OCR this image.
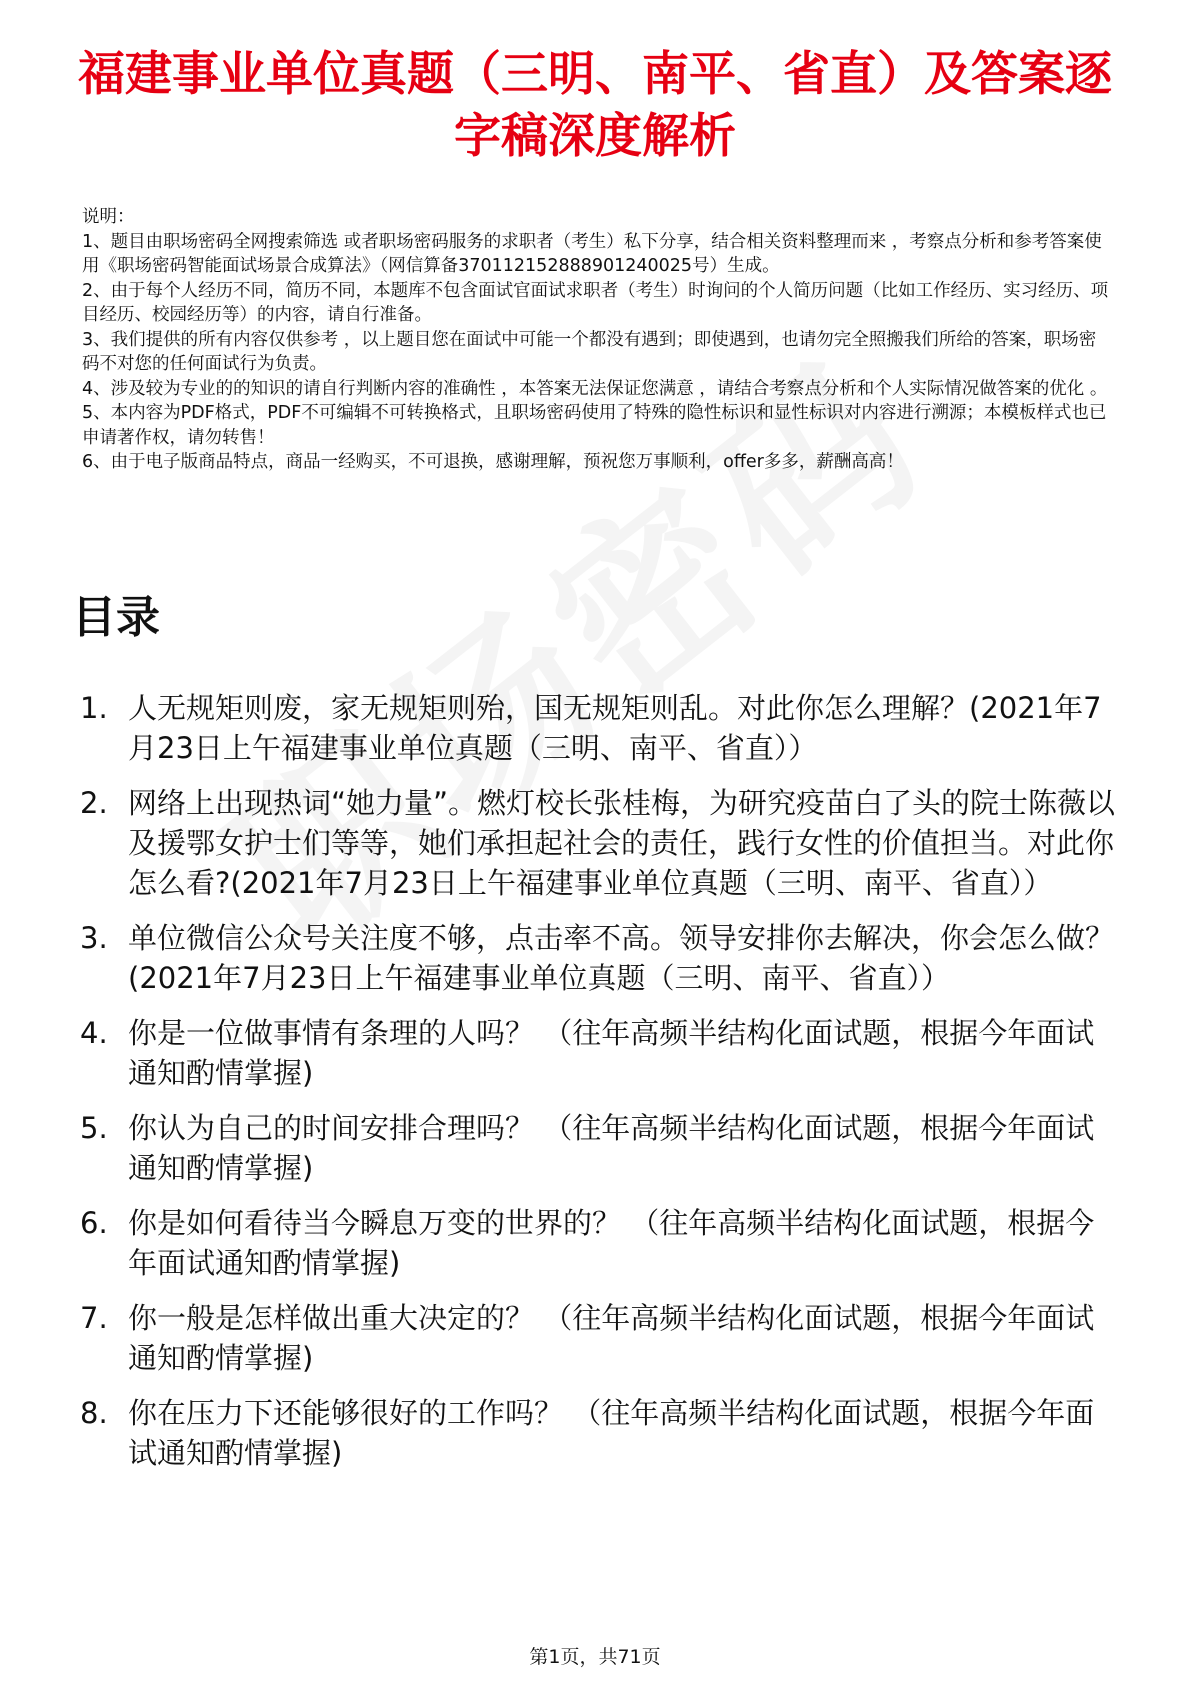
福建事业单位真题（三明、南平、省直）及答案逐字稿深度解析

说明：

1、题目由职场密码全网搜索筛选 或者职场密码服务的求职者（考生）私下分享，结合相关资料整理而来 ，考察点分析和参考答案使用《职场密码智能面试场景合成算法》（网信算备370112152888901240025号）生成。

2、由于每个人经历不同，简历不同，本题库不包含面试官面试求职者（考生）时询问的个人简历问题（比如工作经历、实习经历、项目经历、校园经历等）的内容，请自行准备。

3、我们提供的所有内容仅供参考 ，以上题目您在面试中可能一个都没有遇到；即使遇到，也请勿完全照搬我们所给的答案，职场密码不对您的任何面试行为负责。

4、涉及较为专业的的知识的请自行判断内容的准确性 ，本答案无法保证您满意 ，请结合考察点分析和个人实际情况做答案的优化 。

5、本内容为PDF格式，PDF不可编辑不可转换格式，且职场密码使用了特殊的隐性标识和显性标识对内容进行溯源；本模板样式也已申请著作权，请勿转售！

6、由于电子版商品特点，商品一经购买，不可退换，感谢理解，预祝您万事顺利，offer多多，薪酬高高！

目录
1. 人无规矩则废，家无规矩则殆，国无规矩则乱。对此你怎么理解？(2021年7月23日上午福建事业单位真题（三明、南平、省直））
2. 网络上出现热词“她力量”。燃灯校长张桂梅，为研究疫苗白了头的院士陈薇以及援鄂女护士们等等，她们承担起社会的责任，践行女性的价值担当。对此你怎么看?(2021年7月23日上午福建事业单位真题（三明、南平、省直））
3. 单位微信公众号关注度不够，点击率不高。领导安排你去解决，你会怎么做？(2021年7月23日上午福建事业单位真题（三明、南平、省直））
4. 你是一位做事情有条理的人吗？ （往年高频半结构化面试题，根据今年面试通知酌情掌握)
5. 你认为自己的时间安排合理吗？ （往年高频半结构化面试题，根据今年面试通知酌情掌握)
6. 你是如何看待当今瞬息万变的世界的？ （往年高频半结构化面试题，根据今年面试通知酌情掌握)
7. 你一般是怎样做出重大决定的？ （往年高频半结构化面试题，根据今年面试通知酌情掌握)
8. 你在压力下还能够很好的工作吗？ （往年高频半结构化面试题，根据今年面试通知酌情掌握)
第1页，共71页
